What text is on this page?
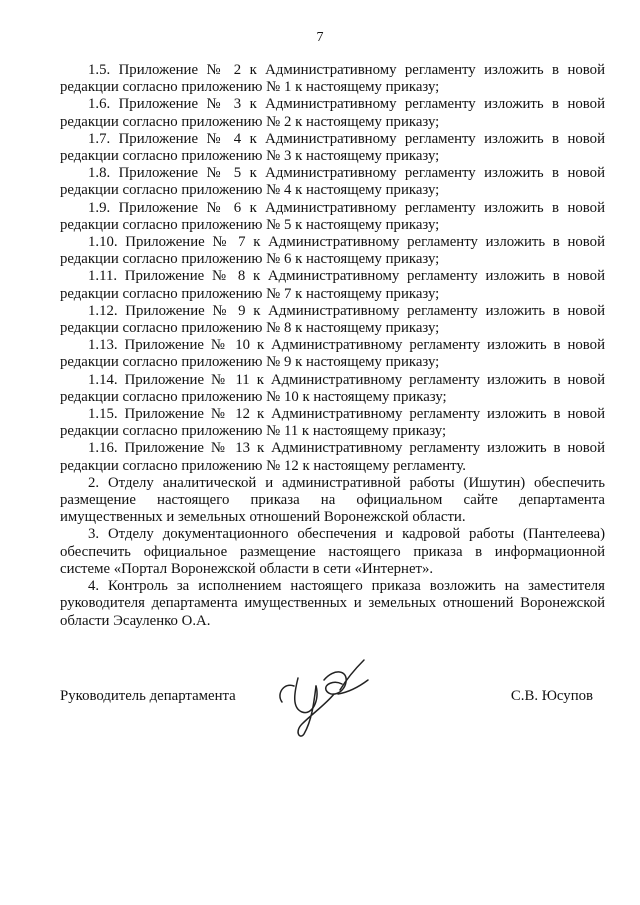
7

1.5. Приложение № 2 к Административному регламенту изложить в новой редакции согласно приложению № 1 к настоящему приказу;

1.6. Приложение № 3 к Административному регламенту изложить в новой редакции согласно приложению № 2 к настоящему приказу;

1.7. Приложение № 4 к Административному регламенту изложить в новой редакции согласно приложению № 3 к настоящему приказу;

1.8. Приложение № 5 к Административному регламенту изложить в новой редакции согласно приложению № 4 к настоящему приказу;

1.9. Приложение № 6 к Административному регламенту изложить в новой редакции согласно приложению № 5 к настоящему приказу;

1.10. Приложение № 7 к Административному регламенту изложить в новой редакции согласно приложению № 6 к настоящему приказу;

1.11. Приложение № 8 к Административному регламенту изложить в новой редакции согласно приложению № 7 к настоящему приказу;

1.12. Приложение № 9 к Административному регламенту изложить в новой редакции согласно приложению № 8 к настоящему приказу;

1.13. Приложение № 10 к Административному регламенту изложить в новой редакции согласно приложению № 9 к настоящему приказу;

1.14. Приложение № 11 к Административному регламенту изложить в новой редакции согласно приложению № 10 к настоящему приказу;

1.15. Приложение № 12 к Административному регламенту изложить в новой редакции согласно приложению № 11 к настоящему приказу;

1.16. Приложение № 13 к Административному регламенту изложить в новой редакции согласно приложению № 12 к настоящему регламенту.

2. Отделу аналитической и административной работы (Ишутин) обеспечить размещение настоящего приказа на официальном сайте департамента имущественных и земельных отношений Воронежской области.

3. Отделу документационного обеспечения и кадровой работы (Пантелеева) обеспечить официальное размещение настоящего приказа в информационной системе «Портал Воронежской области в сети «Интернет».

4. Контроль за исполнением настоящего приказа возложить на заместителя руководителя департамента имущественных и земельных отношений Воронежской области Эсауленко О.А.

Руководитель департамента	С.В. Юсупов
